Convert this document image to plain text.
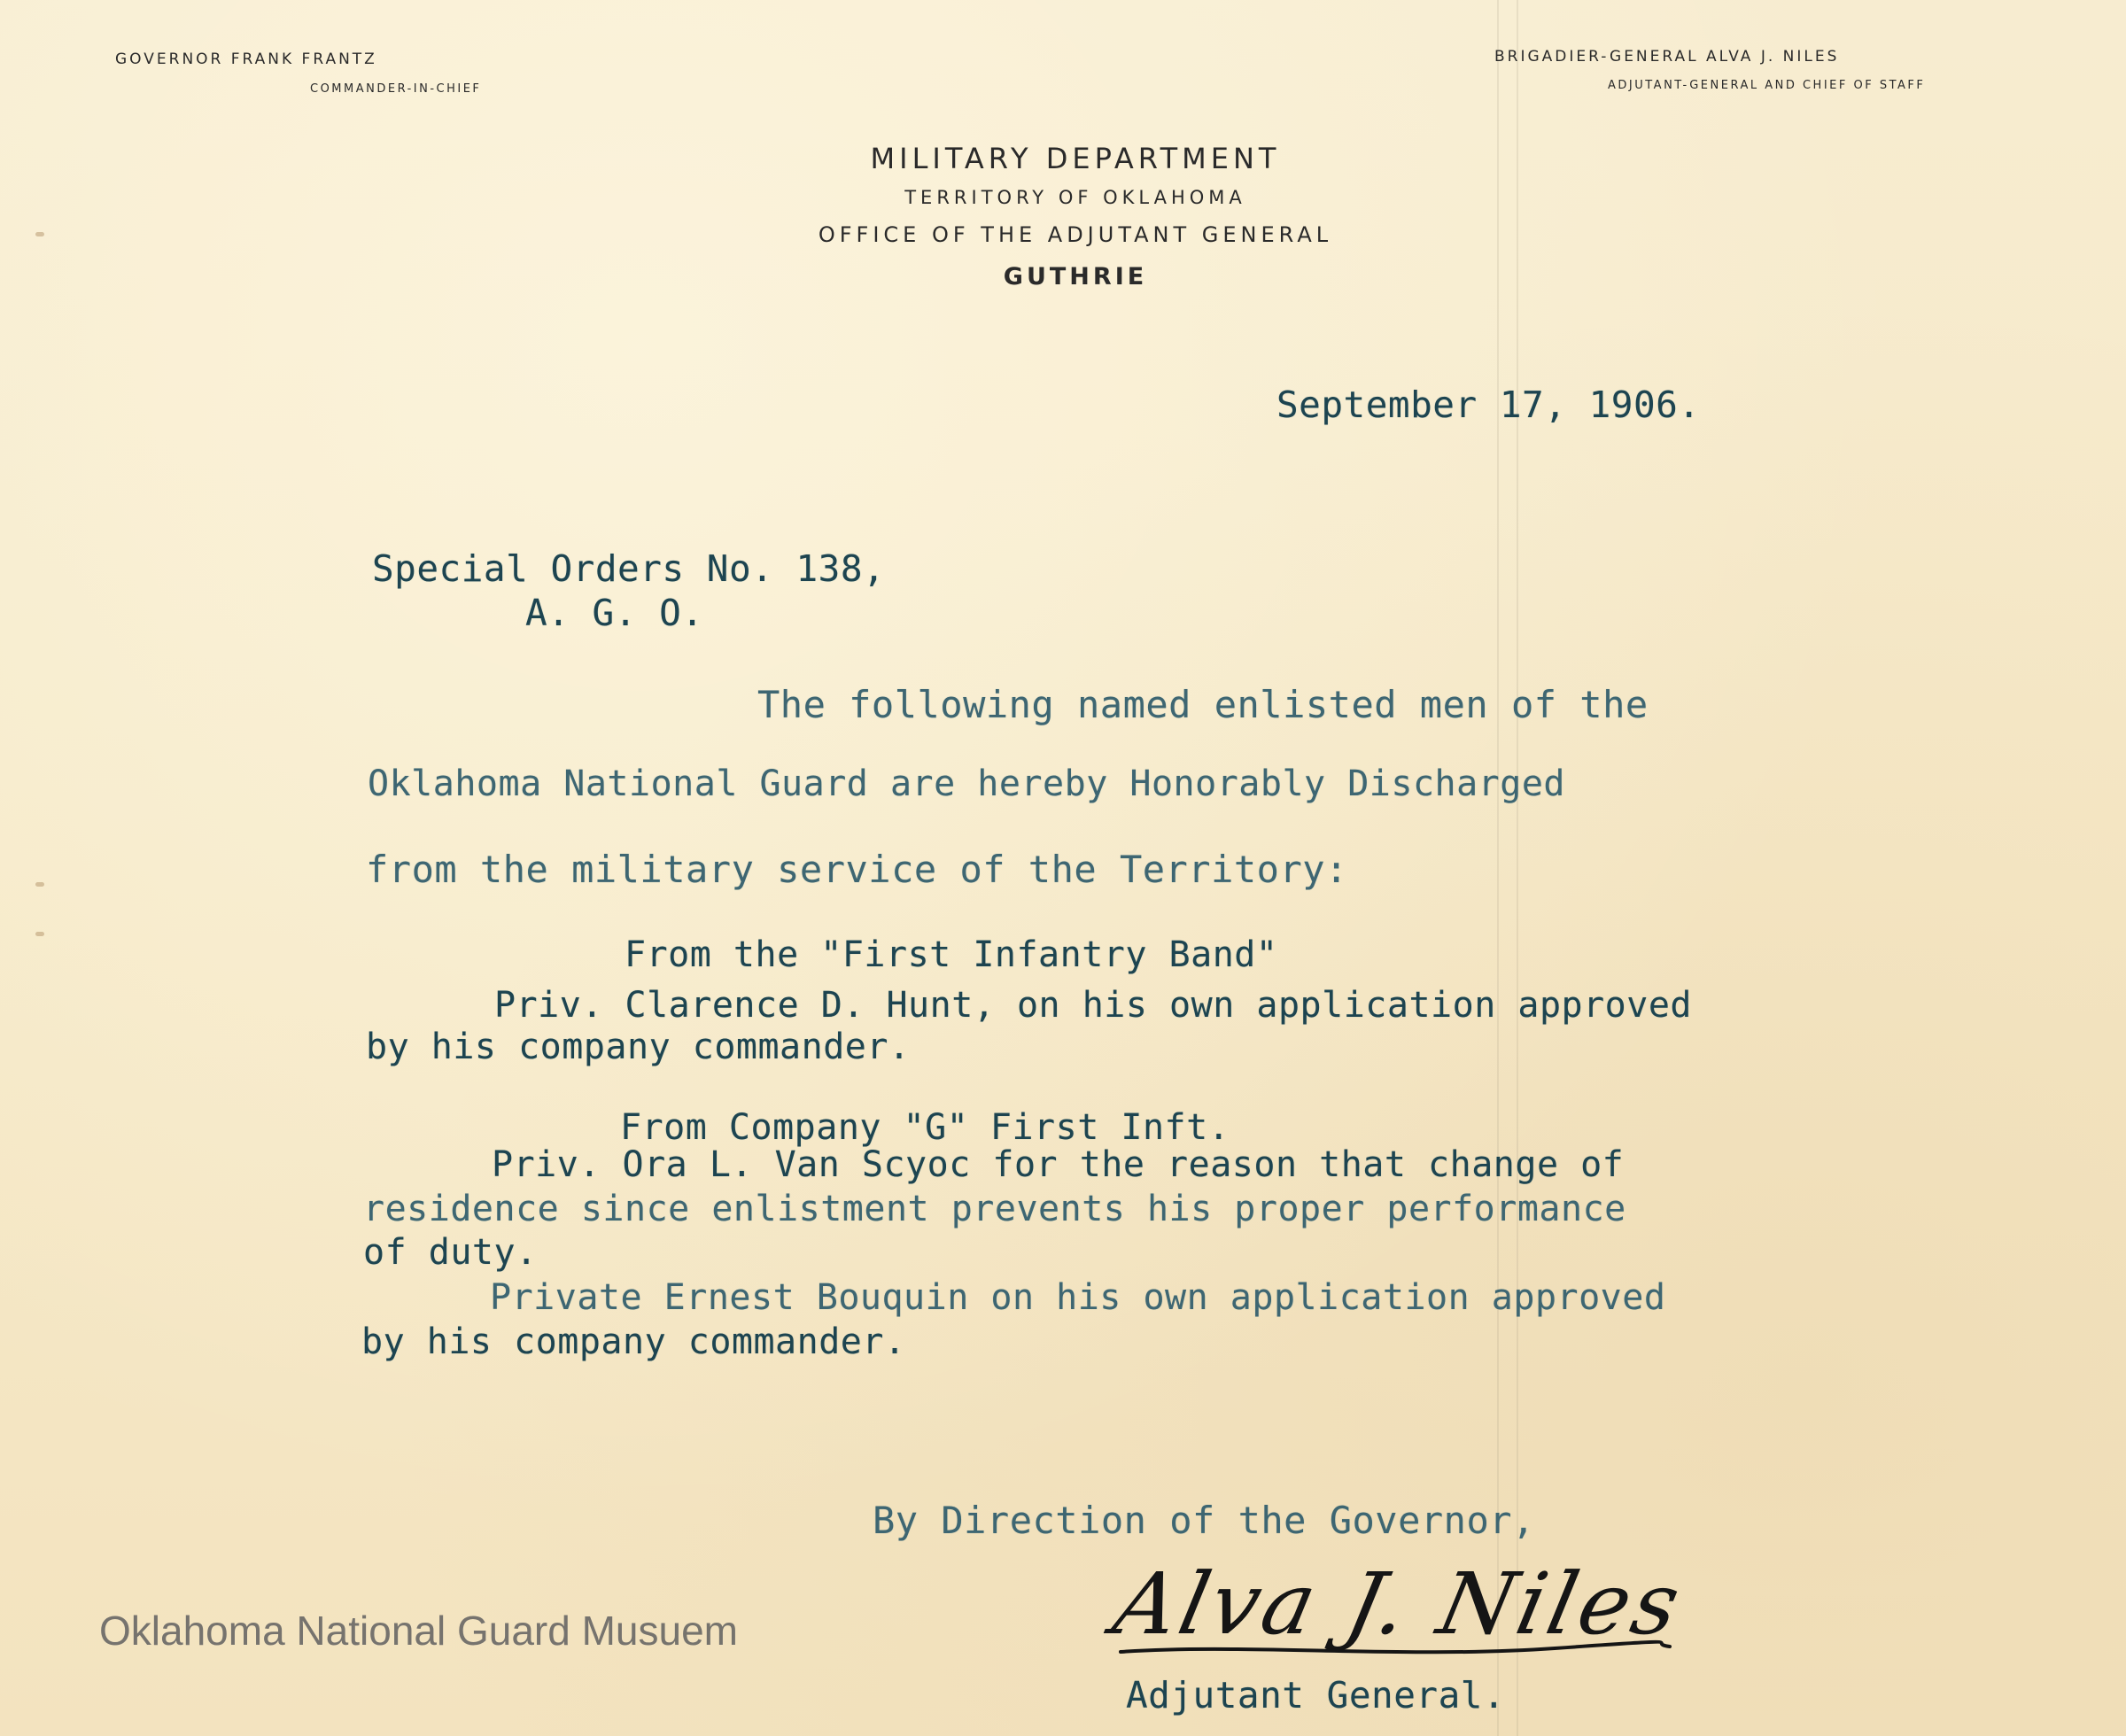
GOVERNOR FRANK FRANTZ
COMMANDER-IN-CHIEF
BRIGADIER-GENERAL ALVA J. NILES
ADJUTANT-GENERAL AND CHIEF OF STAFF
MILITARY DEPARTMENT
TERRITORY OF OKLAHOMA
OFFICE OF THE ADJUTANT GENERAL
GUTHRIE
September 17, 1906.
Special Orders No. 138,
A. G. O.
The following named enlisted men of the
Oklahoma National Guard are hereby Honorably Discharged
from the military service of the Territory:
From the "First Infantry Band"
Priv. Clarence D. Hunt, on his own application approved
by his company commander.
From Company "G" First Inft.
Priv. Ora L. Van Scyoc for the reason that change of
residence since enlistment prevents his proper performance
of duty.
Private Ernest Bouquin on his own application approved
by his company commander.
By Direction of the Governor,
Alva J. Niles
Adjutant General.
Oklahoma National Guard Musuem
